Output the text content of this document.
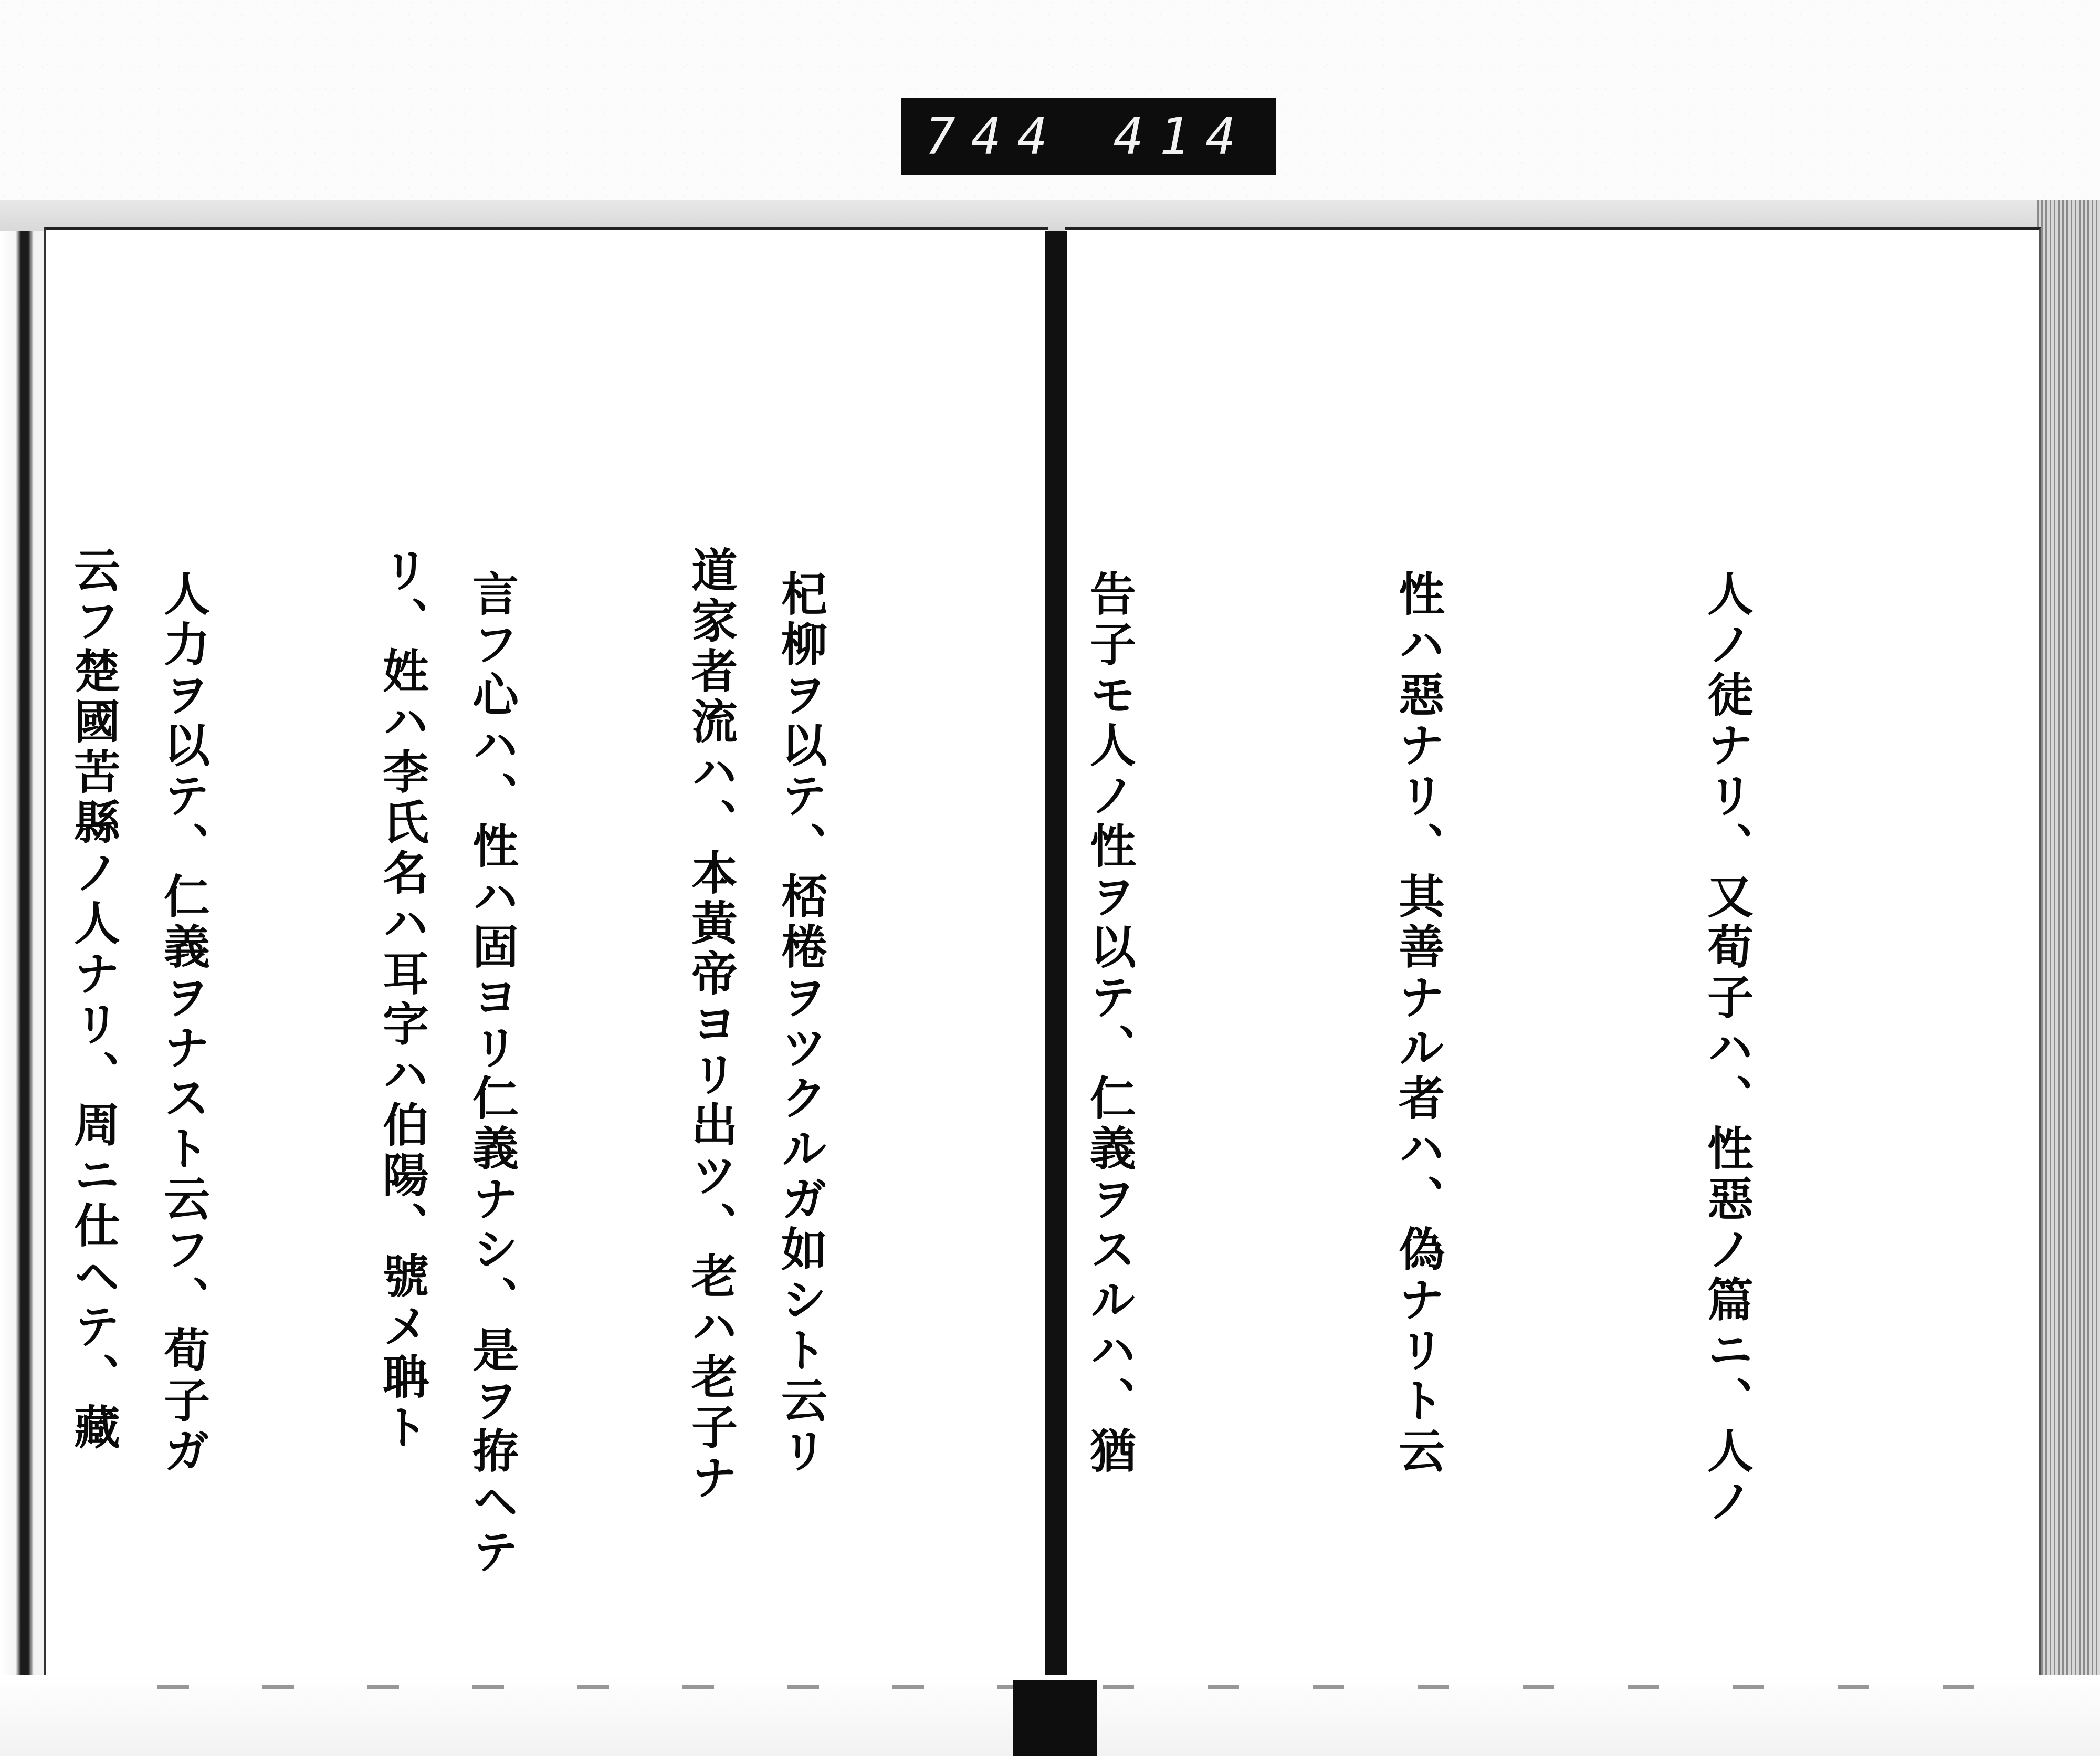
744 414

人ノ徒ナリ、又荀子ハ、性惡ノ篇ニ、人ノ

性ハ惡ナリ、其善ナル者ハ、偽ナリト云

告子モ人ノ性ヲ以テ、仁義ヲスルハ、猶

杞柳ヲ以テ、桮棬ヲツクルガ如シト云リ

言フ心ハ、性ハ固ヨリ仁義ナシ、是ヲ拵ヘテ

人力ヲ以テ、仁義ヲナスト云フ、荀子ガ

	道家者流ハ、本黃帝ヨリ出ツ、老ハ老子ナ

リ、姓ハ李氏名ハ耳字ハ伯陽、號メ聃ト

云フ楚國苦縣ノ人ナリ、周ニ仕ヘテ、藏
